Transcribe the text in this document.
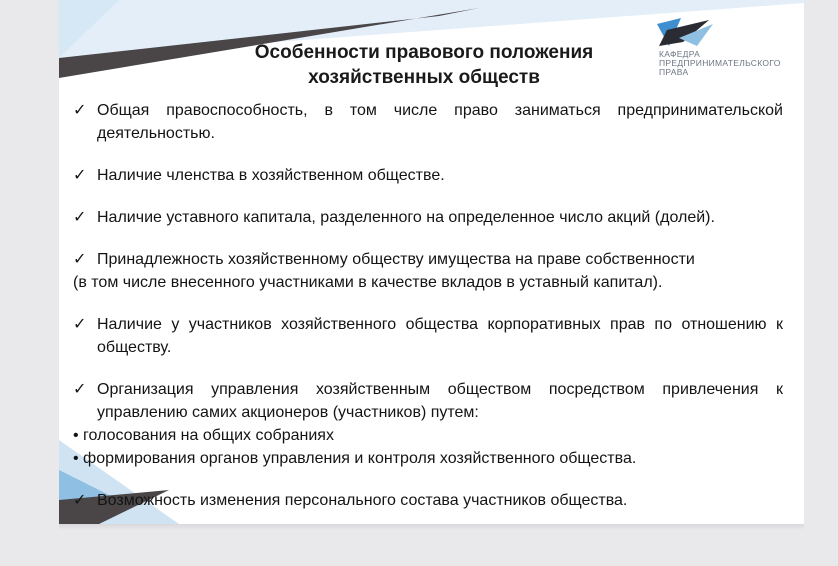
КАФЕДРА
ПРЕДПРИНИМАТЕЛЬСКОГО
ПРАВА
Особенности правового положения
хозяйственных обществ
✓ Общая правоспособность, в том числе право заниматься предпринимательской деятельностью.
✓ Наличие членства в хозяйственном обществе.
✓ Наличие уставного капитала, разделенного на определенное число акций (долей).
✓ Принадлежность хозяйственному обществу имущества на праве собственности
(в том числе внесенного участниками в качестве вкладов в уставный капитал).
✓ Наличие у участников хозяйственного общества корпоративных прав по отношению к обществу.
✓ Организация управления хозяйственным обществом посредством привлечения к управлению самих акционеров (участников) путем:
• голосования на общих собраниях
• формирования органов управления и контроля хозяйственного общества.
✓ Возможность изменения персонального состава участников общества.
